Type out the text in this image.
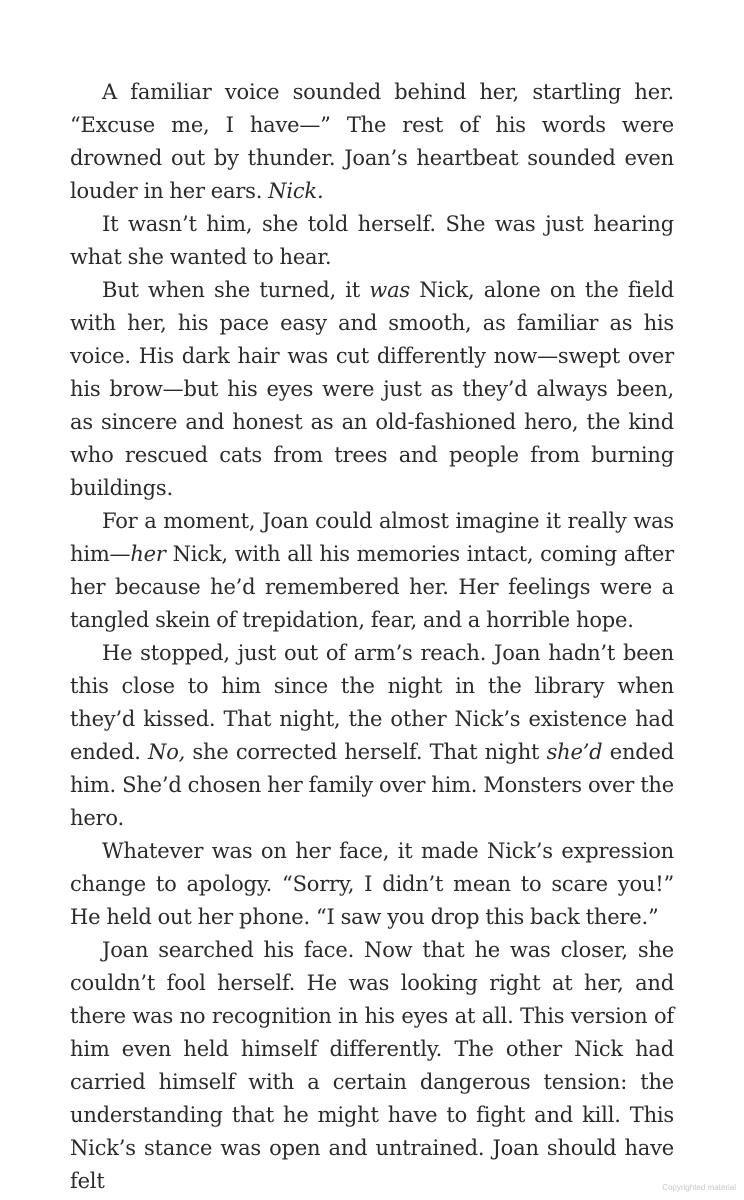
A familiar voice sounded behind her, startling her. “Excuse me, I have—” The rest of his words were drowned out by thunder. Joan’s heartbeat sounded even louder in her ears. Nick.

It wasn’t him, she told herself. She was just hearing what she wanted to hear.

But when she turned, it was Nick, alone on the field with her, his pace easy and smooth, as familiar as his voice. His dark hair was cut differently now—swept over his brow—but his eyes were just as they’d always been, as sincere and honest as an old-fashioned hero, the kind who rescued cats from trees and people from burning buildings.

For a moment, Joan could almost imagine it really was him—her Nick, with all his memories intact, coming after her because he’d remembered her. Her feelings were a tangled skein of trepidation, fear, and a horrible hope.

He stopped, just out of arm’s reach. Joan hadn’t been this close to him since the night in the library when they’d kissed. That night, the other Nick’s existence had ended. No, she corrected herself. That night she’d ended him. She’d chosen her family over him. Monsters over the hero.

Whatever was on her face, it made Nick’s expression change to apology. “Sorry, I didn’t mean to scare you!” He held out her phone. “I saw you drop this back there.”

Joan searched his face. Now that he was closer, she couldn’t fool herself. He was looking right at her, and there was no recognition in his eyes at all. This version of him even held himself differently. The other Nick had carried himself with a certain dangerous tension: the understanding that he might have to fight and kill. This Nick’s stance was open and untrained. Joan should have felt	Copyrighted material
